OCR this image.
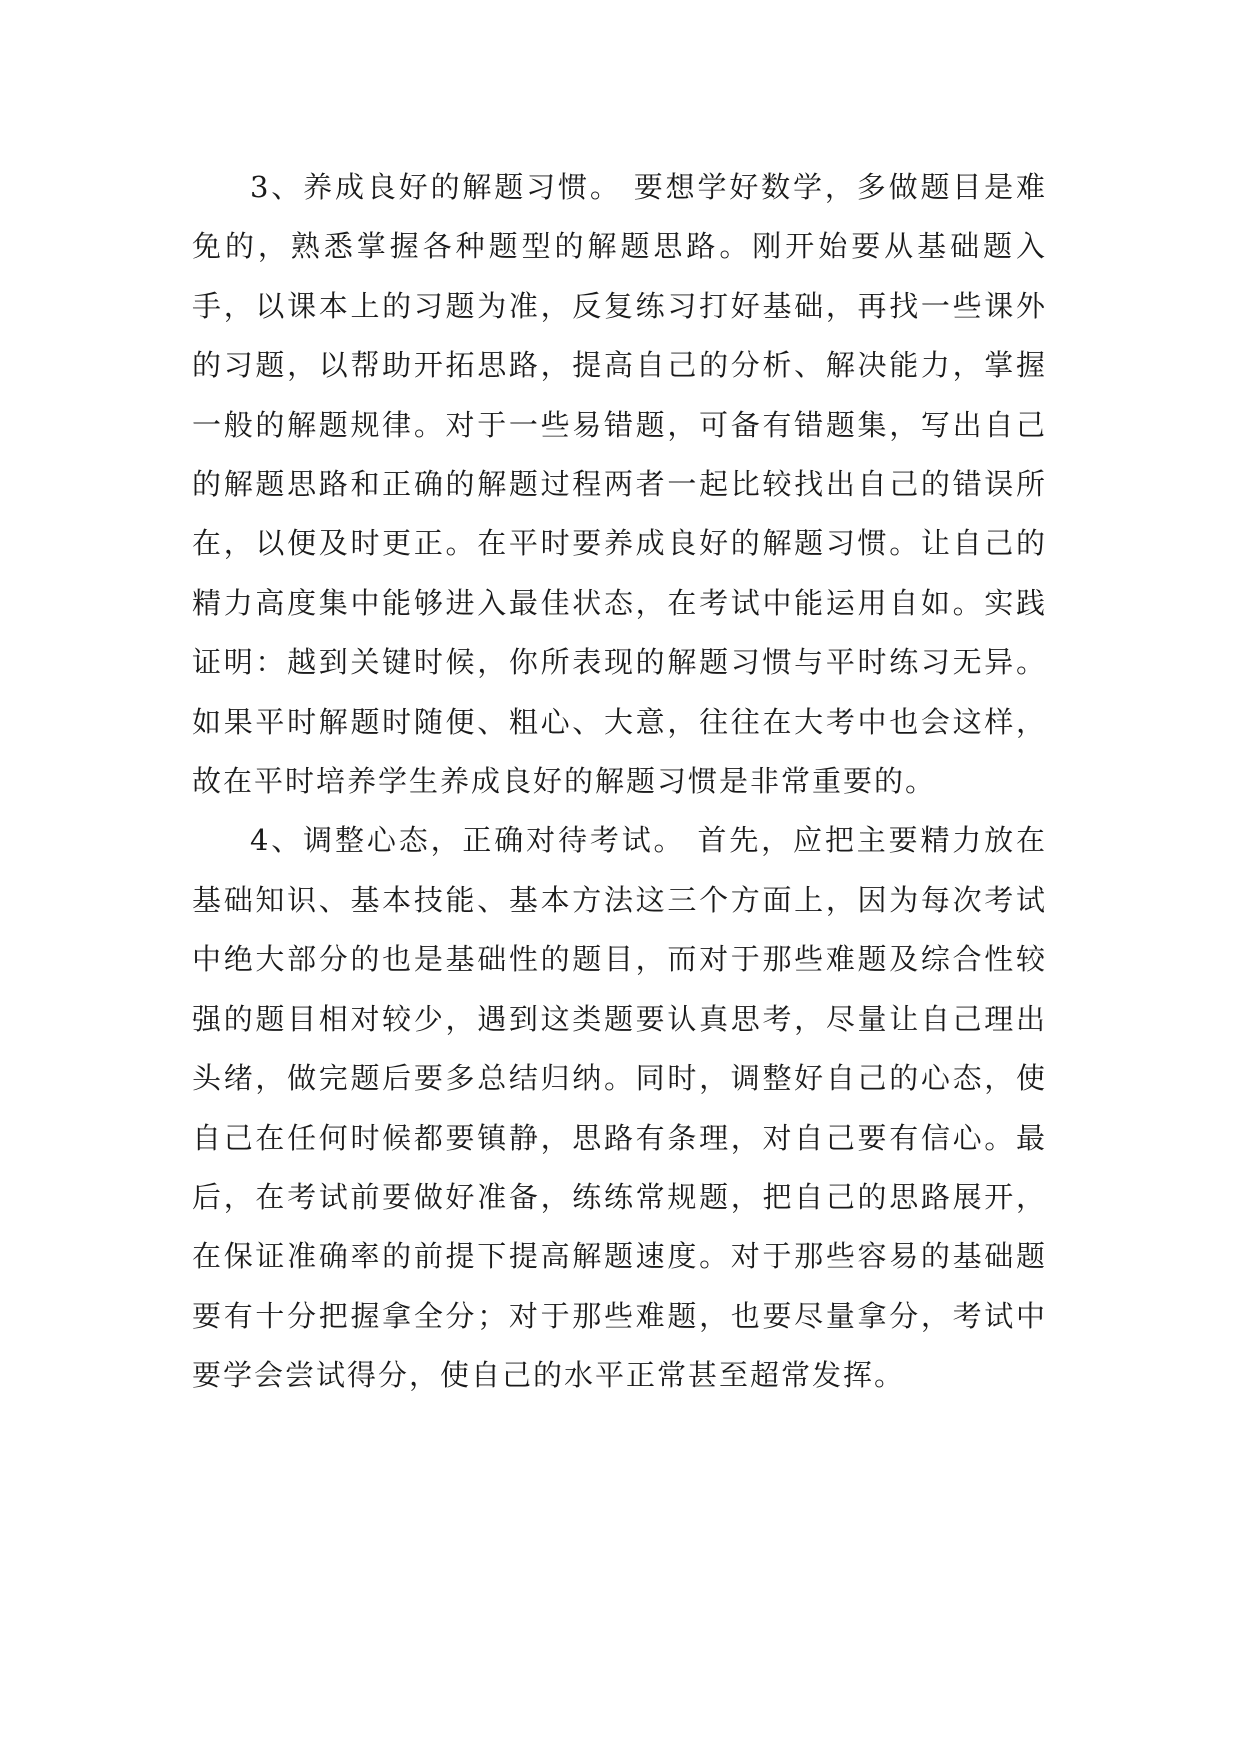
3、养成良好的解题习惯。 要想学好数学，多做题目是难免的，熟悉掌握各种题型的解题思路。刚开始要从基础题入手，以课本上的习题为准，反复练习打好基础，再找一些课外的习题，以帮助开拓思路，提高自己的分析、解决能力，掌握一般的解题规律。对于一些易错题，可备有错题集，写出自己的解题思路和正确的解题过程两者一起比较找出自己的错误所在，以便及时更正。在平时要养成良好的解题习惯。让自己的精力高度集中能够进入最佳状态，在考试中能运用自如。实践证明：越到关键时候，你所表现的解题习惯与平时练习无异。如果平时解题时随便、粗心、大意，往往在大考中也会这样，故在平时培养学生养成良好的解题习惯是非常重要的。

4、调整心态，正确对待考试。 首先，应把主要精力放在基础知识、基本技能、基本方法这三个方面上，因为每次考试中绝大部分的也是基础性的题目，而对于那些难题及综合性较强的题目相对较少，遇到这类题要认真思考，尽量让自己理出头绪，做完题后要多总结归纳。同时，调整好自己的心态，使自己在任何时候都要镇静，思路有条理，对自己要有信心。最后，在考试前要做好准备，练练常规题，把自己的思路展开，在保证准确率的前提下提高解题速度。对于那些容易的基础题要有十分把握拿全分；对于那些难题，也要尽量拿分，考试中要学会尝试得分，使自己的水平正常甚至超常发挥。
